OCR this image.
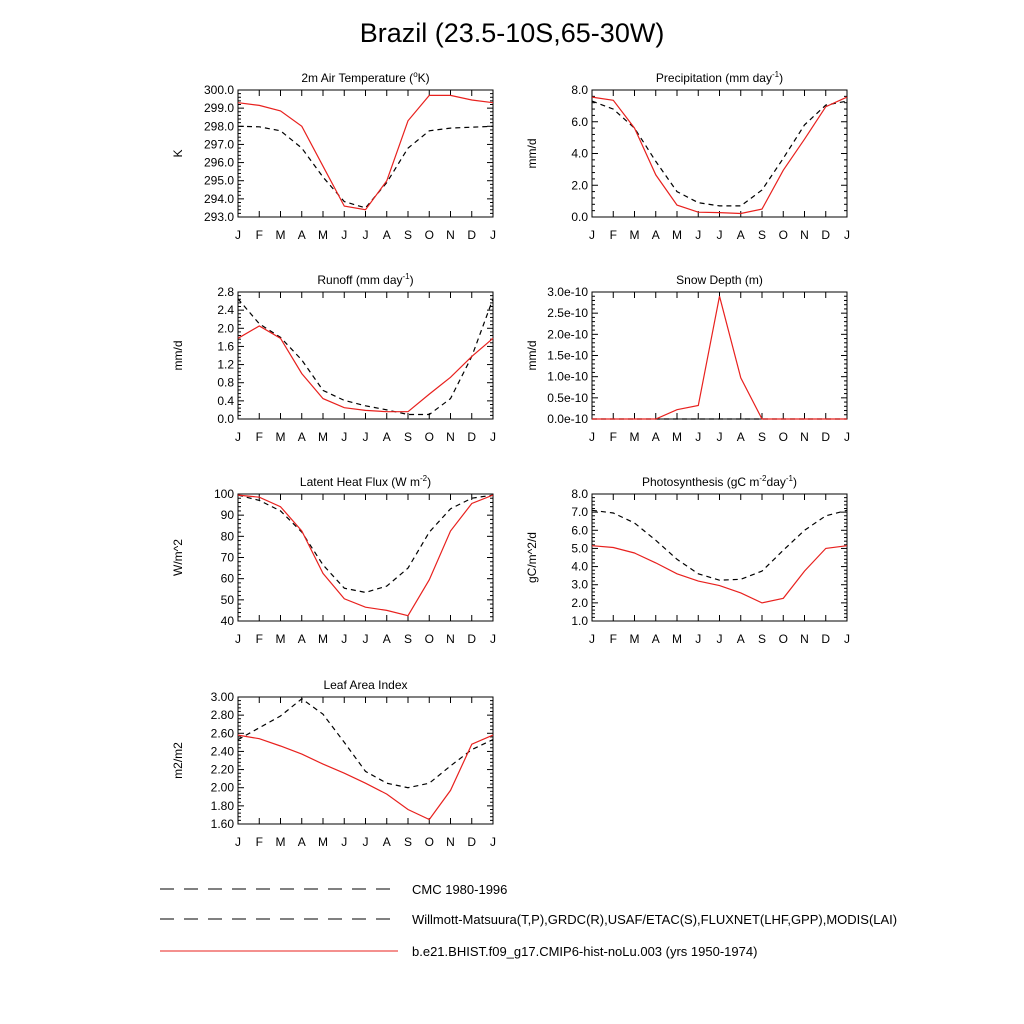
Brazil (23.5-10S,65-30W)
2m Air Temperature ($^o$K)
K
293.0
294.0
295.0
296.0
297.0
298.0
299.0
300.0
J F M A M J J A S O N D J
Precipitation (mm day$^{-1}$)
mm/d
0.0
2.0
4.0
6.0
8.0
J F M A M J J A S O N D J
Runoff (mm day$^{-1}$)
mm/d
0.0
0.4
0.8
1.2
1.6
2.0
2.4
2.8
J F M A M J J A S O N D J
Snow Depth (m)
mm/d
0.0e-10
0.5e-10
1.0e-10
1.5e-10
2.0e-10
2.5e-10
3.0e-10
J F M A M J J A S O N D J
Latent Heat Flux (W $m^{-2}$)
W/m^2
40
50
60
70
80
90
100
J F M A M J J A S O N D J
Photosynthesis (gC $m^{-2}day^{-1}$)
gC/m^2/d
1.0
2.0
3.0
4.0
5.0
6.0
7.0
8.0
J F M A M J J A S O N D J
Leaf Area Index
m2/m2
1.60
1.80
2.00
2.20
2.40
2.60
2.80
3.00
J F M A M J J A S O N D J
CMC 1980-1996
Willmott-Matsuura(T,P),GRDC(R),USAF/ETAC(S),FLUXNET(LHF,GPP),MODIS(LAI)
b.e21.BHIST.f09_g17.CMIP6-hist-noLu.003 (yrs 1950-1974)
